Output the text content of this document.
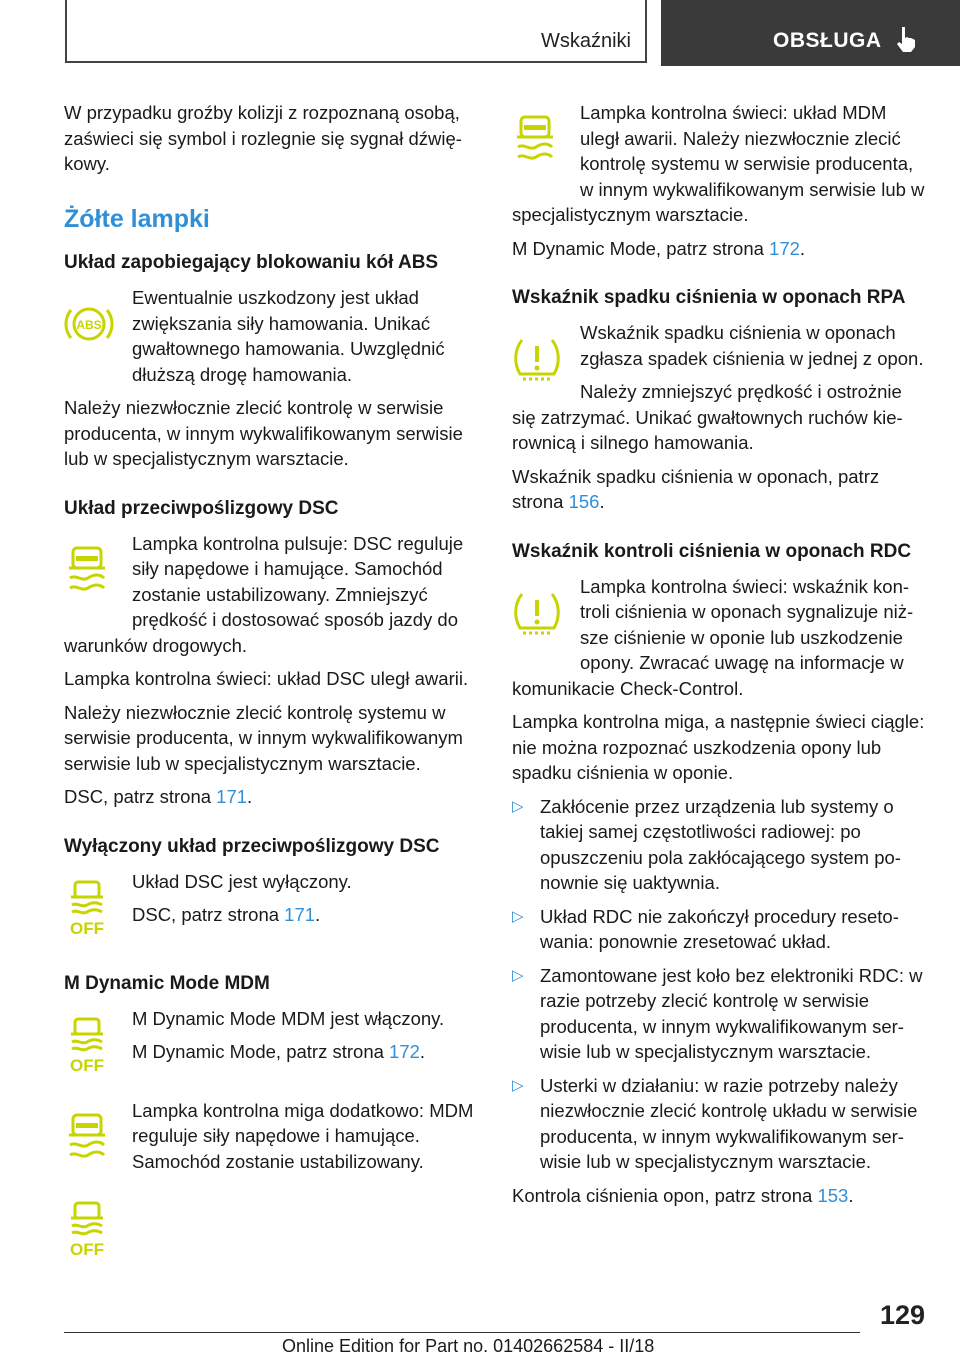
Wskaźniki	OBSŁUGA

W przypadku groźby kolizji z rozpoznaną osobą, zaświeci się symbol i rozlegnie się sygnał dźwiękowy.

Żółte lampki
Układ zapobiegający blokowaniu kół ABS
ABS

Ewentualnie uszkodzony jest układ zwiększania siły hamowania. Unikać gwałtownego hamowania. Uwzględnić dłuższą drogę hamowania.

Należy niezwłocznie zlecić kontrolę w serwisie producenta, w innym wykwalifikowanym serwisie lub w specjalistycznym warsztacie.

Układ przeciwpoślizgowy DSC

Lampka kontrolna pulsuje: DSC reguluje siły napędowe i hamujące. Samochód zostanie ustabilizowany. Zmniejszyć prędkość i dostosować sposób jazdy do warunków drogowych.

Lampka kontrolna świeci: układ DSC uległ awarii.

Należy niezwłocznie zlecić kontrolę systemu w serwisie producenta, w innym wykwalifikowanym serwisie lub w specjalistycznym warsztacie.

DSC, patrz strona 171.

Wyłączony układ przeciwpoślizgowy DSC
OFF

Układ DSC jest wyłączony.

DSC, patrz strona 171.

M Dynamic Mode MDM
OFF

M Dynamic Mode MDM jest włączony.

M Dynamic Mode, patrz strona 172.

Lampka kontrolna miga dodatkowo: MDM reguluje siły napędowe i hamujące. Samochód zostanie ustabilizowany.

OFF

Lampka kontrolna świeci: układ MDM uległ awarii. Należy niezwłocznie zlecić kontrolę systemu w serwisie producenta, w innym wykwalifikowanym serwisie lub w specjalistycznym warsztacie.

M Dynamic Mode, patrz strona 172.

Wskaźnik spadku ciśnienia w oponach RPA

Wskaźnik spadku ciśnienia w oponach zgłasza spadek ciśnienia w jednej z opon.

Należy zmniejszyć prędkość i ostrożnie się zatrzymać. Unikać gwałtownych ruchów kierownicą i silnego hamowania.

Wskaźnik spadku ciśnienia w oponach, patrz strona 156.

Wskaźnik kontroli ciśnienia w oponach RDC

Lampka kontrolna świeci: wskaźnik kontroli ciśnienia w oponach sygnalizuje niższe ciśnienie w oponie lub uszkodzenie opony. Zwracać uwagę na informacje w komunikacie Check-Control.

Lampka kontrolna miga, a następnie świeci ciągle: nie można rozpoznać uszkodzenia opony lub spadku ciśnienia w oponie.

▷ Zakłócenie przez urządzenia lub systemy o takiej samej częstotliwości radiowej: po opuszczeniu pola zakłócającego system ponownie się uaktywnia.
▷ Układ RDC nie zakończył procedury resetowania: ponownie zresetować układ.
▷ Zamontowane jest koło bez elektroniki RDC: w razie potrzeby zlecić kontrolę w serwisie producenta, w innym wykwalifikowanym serwisie lub w specjalistycznym warsztacie.
▷ Usterki w działaniu: w razie potrzeby należy niezwłocznie zlecić kontrolę układu w serwisie producenta, w innym wykwalifikowanym serwisie lub w specjalistycznym warsztacie.

Kontrola ciśnienia opon, patrz strona 153.

129
Online Edition for Part no. 01402662584 - II/18
